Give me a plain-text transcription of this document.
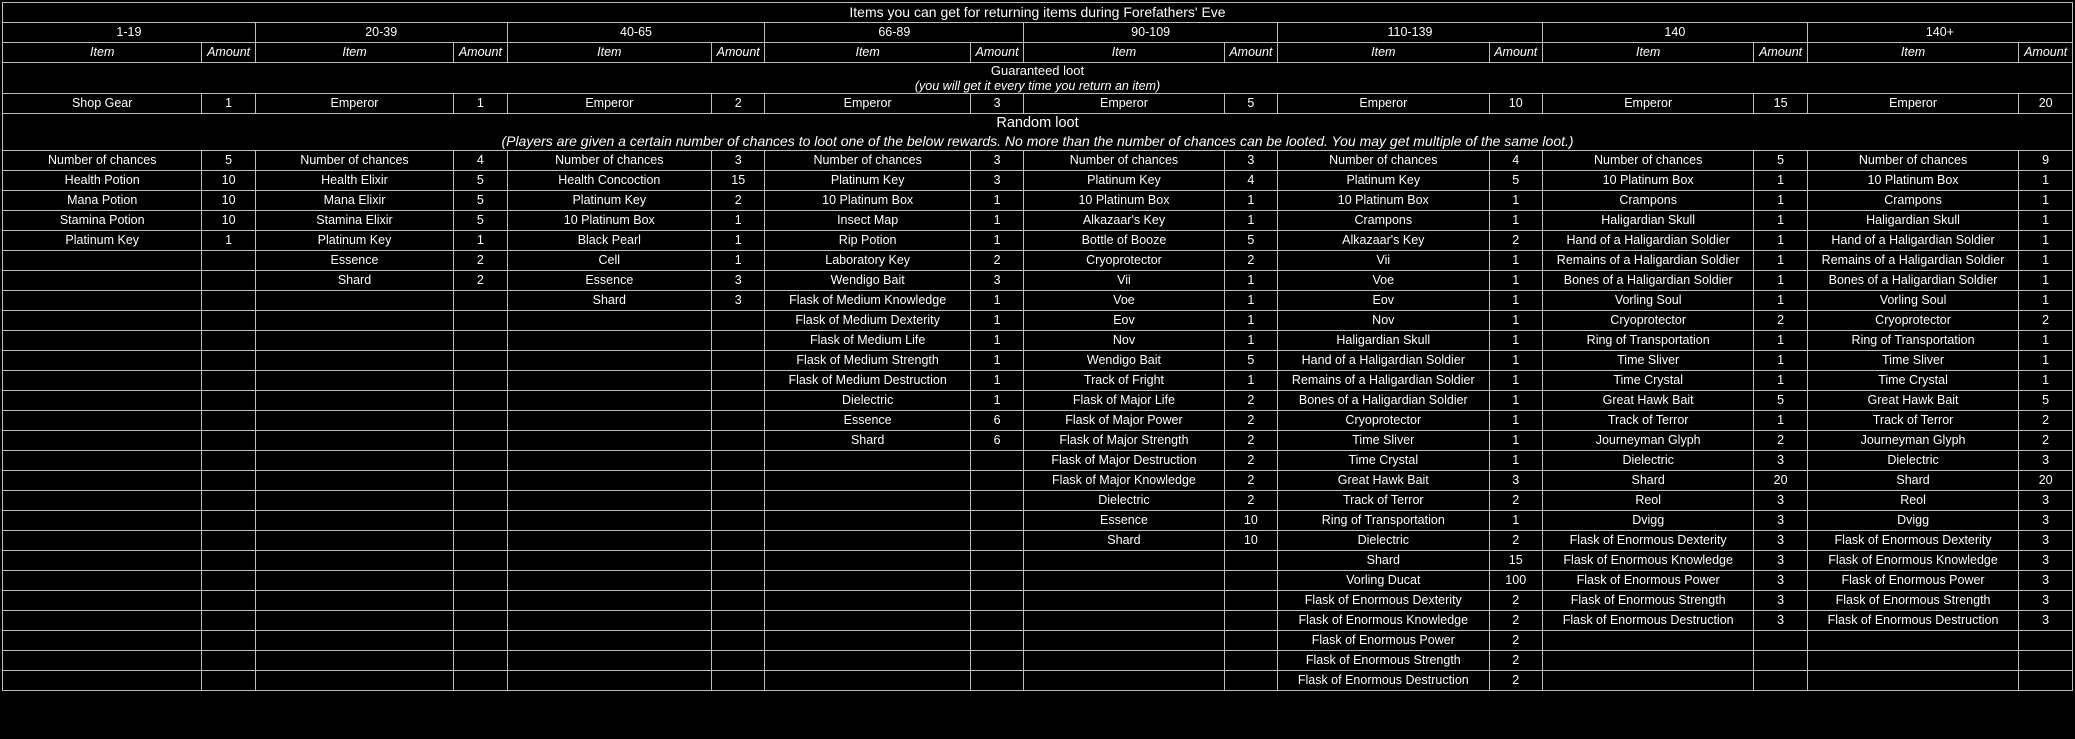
Items you can get for returning items during Forefathers' Eve															
1-19		20-39		40-65		66-89		90-109		110-139		140		140+	
Item	Amount	Item	Amount	Item	Amount	Item	Amount	Item	Amount	Item	Amount	Item	Amount	Item	Amount
Guaranteed loot															
(you will get it every time you return an item)															
Shop Gear	1	Emperor	1	Emperor	2	Emperor	3	Emperor	5	Emperor	10	Emperor	15	Emperor	20
Random loot															
(Players are given a certain number of chances to loot one of the below rewards. No more than the number of chances can be looted. You may get multiple of the same loot.)															
Number of chances	5	Number of chances	4	Number of chances	3	Number of chances	3	Number of chances	3	Number of chances	4	Number of chances	5	Number of chances	9
Health Potion	10	Health Elixir	5	Health Concoction	15	Platinum Key	3	Platinum Key	4	Platinum Key	5	10 Platinum Box	1	10 Platinum Box	1
Mana Potion	10	Mana Elixir	5	Platinum Key	2	10 Platinum Box	1	10 Platinum Box	1	10 Platinum Box	1	Crampons	1	Crampons	1
Stamina Potion	10	Stamina Elixir	5	10 Platinum Box	1	Insect Map	1	Alkazaar's Key	1	Crampons	1	Haligardian Skull	1	Haligardian Skull	1
Platinum Key	1	Platinum Key	1	Black Pearl	1	Rip Potion	1	Bottle of Booze	5	Alkazaar's Key	2	Hand of a Haligardian Soldier	1	Hand of a Haligardian Soldier	1
		Essence	2	Cell	1	Laboratory Key	2	Cryoprotector	2	Vii	1	Remains of a Haligardian Soldier	1	Remains of a Haligardian Soldier	1
		Shard	2	Essence	3	Wendigo Bait	3	Vii	1	Voe	1	Bones of a Haligardian Soldier	1	Bones of a Haligardian Soldier	1
				Shard	3	Flask of Medium Knowledge	1	Voe	1	Eov	1	Vorling Soul	1	Vorling Soul	1
						Flask of Medium Dexterity	1	Eov	1	Nov	1	Cryoprotector	2	Cryoprotector	2
						Flask of Medium Life	1	Nov	1	Haligardian Skull	1	Ring of Transportation	1	Ring of Transportation	1
						Flask of Medium Strength	1	Wendigo Bait	5	Hand of a Haligardian Soldier	1	Time Sliver	1	Time Sliver	1
						Flask of Medium Destruction	1	Track of Fright	1	Remains of a Haligardian Soldier	1	Time Crystal	1	Time Crystal	1
						Dielectric	1	Flask of Major Life	2	Bones of a Haligardian Soldier	1	Great Hawk Bait	5	Great Hawk Bait	5
						Essence	6	Flask of Major Power	2	Cryoprotector	1	Track of Terror	1	Track of Terror	2
						Shard	6	Flask of Major Strength	2	Time Sliver	1	Journeyman Glyph	2	Journeyman Glyph	2
								Flask of Major Destruction	2	Time Crystal	1	Dielectric	3	Dielectric	3
								Flask of Major Knowledge	2	Great Hawk Bait	3	Shard	20	Shard	20
								Dielectric	2	Track of Terror	2	Reol	3	Reol	3
								Essence	10	Ring of Transportation	1	Dvigg	3	Dvigg	3
								Shard	10	Dielectric	2	Flask of Enormous Dexterity	3	Flask of Enormous Dexterity	3
										Shard	15	Flask of Enormous Knowledge	3	Flask of Enormous Knowledge	3
										Vorling Ducat	100	Flask of Enormous Power	3	Flask of Enormous Power	3
										Flask of Enormous Dexterity	2	Flask of Enormous Strength	3	Flask of Enormous Strength	3
										Flask of Enormous Knowledge	2	Flask of Enormous Destruction	3	Flask of Enormous Destruction	3
										Flask of Enormous Power	2				
										Flask of Enormous Strength	2				
										Flask of Enormous Destruction	2				
